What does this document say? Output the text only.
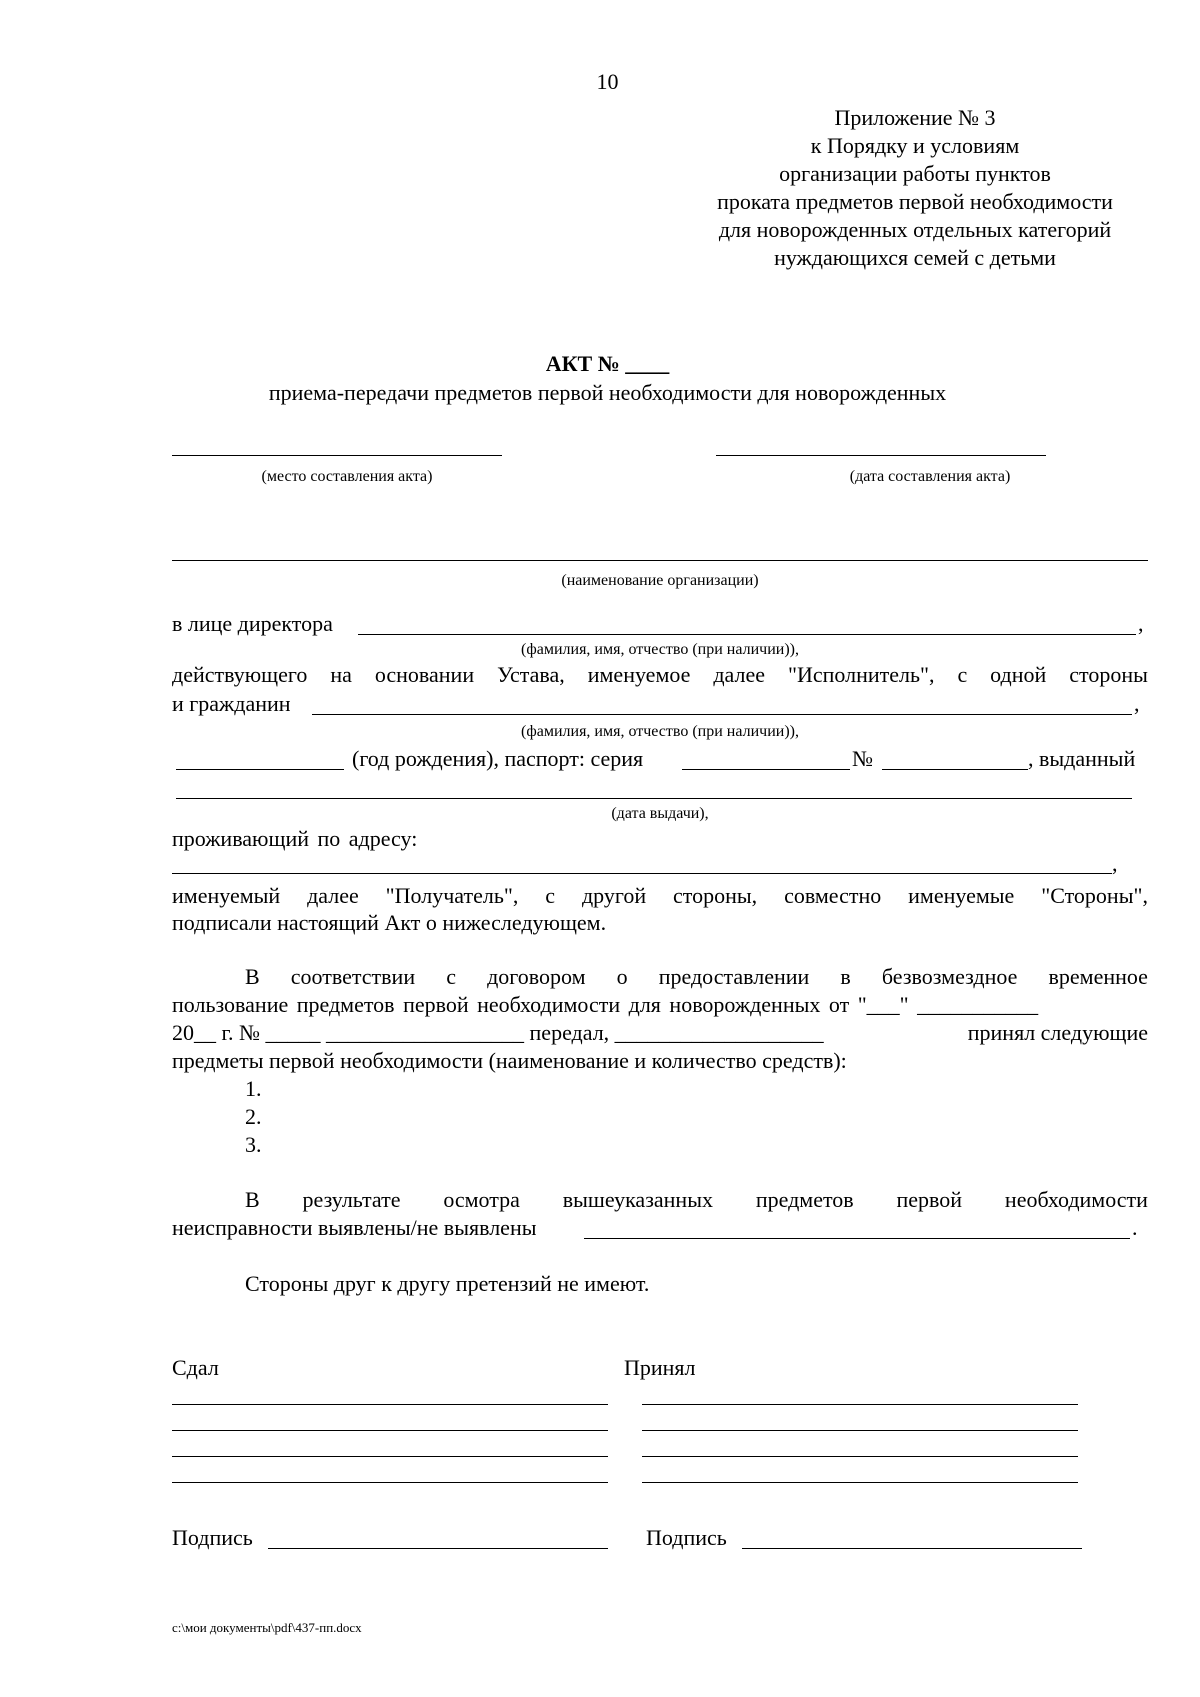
10
Приложение № 3
к Порядку и условиям
организации работы пунктов
проката предметов первой необходимости
для новорожденных отдельных категорий
нуждающихся семей с детьми
АКТ № ____
приема-передачи предметов первой необходимости для новорожденных
(место составления акта)	(дата составления акта)
(наименование организации)
в лице директора	,
(фамилия, имя, отчество (при наличии)),
действующего на основании Устава, именуемое далее "Исполнитель", с одной стороны
и гражданин	,
(фамилия, имя, отчество (при наличии)),
(год рождения), паспорт: серия	№	, выданный
(дата выдачи),
проживающий по адресу:
,
именуемый далее "Получатель", с другой стороны, совместно именуемые "Стороны",
подписали настоящий Акт о нижеследующем.
В соответствии с договором о предоставлении в безвозмездное временное
пользование предметов первой необходимости для новорожденных от "___" ___________
20__ г. № _____ __________________ передал, ___________________	принял следующие
предметы первой необходимости (наименование и количество средств):
1.
2.
3.
В результате осмотра вышеуказанных предметов первой необходимости
неисправности выявлены/не выявлены	.
Стороны друг к другу претензий не имеют.
Сдал	Принял
Подпись	Подпись
c:\мои документы\pdf\437-пп.docx
